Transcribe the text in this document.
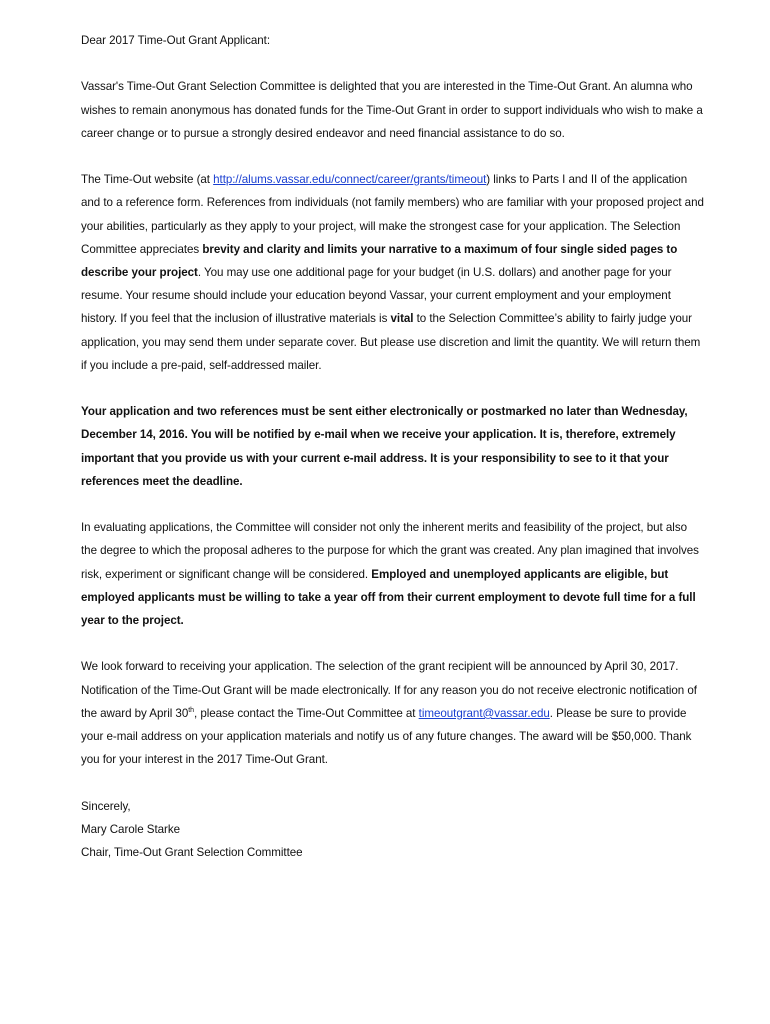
Dear 2017 Time-Out Grant Applicant:

Vassar's Time-Out Grant Selection Committee is delighted that you are interested in the Time-Out Grant. An alumna who wishes to remain anonymous has donated funds for the Time-Out Grant in order to support individuals who wish to make a career change or to pursue a strongly desired endeavor and need financial assistance to do so.

The Time-Out website (at http://alums.vassar.edu/connect/career/grants/timeout) links to Parts I and II of the application and to a reference form. References from individuals (not family members) who are familiar with your proposed project and your abilities, particularly as they apply to your project, will make the strongest case for your application. The Selection Committee appreciates brevity and clarity and limits your narrative to a maximum of four single sided pages to describe your project. You may use one additional page for your budget (in U.S. dollars) and another page for your resume. Your resume should include your education beyond Vassar, your current employment and your employment history. If you feel that the inclusion of illustrative materials is vital to the Selection Committee’s ability to fairly judge your application, you may send them under separate cover. But please use discretion and limit the quantity. We will return them if you include a pre-paid, self-addressed mailer.

Your application and two references must be sent either electronically or postmarked no later than Wednesday, December 14, 2016. You will be notified by e-mail when we receive your application. It is, therefore, extremely important that you provide us with your current e-mail address. It is your responsibility to see to it that your references meet the deadline.

In evaluating applications, the Committee will consider not only the inherent merits and feasibility of the project, but also the degree to which the proposal adheres to the purpose for which the grant was created. Any plan imagined that involves risk, experiment or significant change will be considered. Employed and unemployed applicants are eligible, but employed applicants must be willing to take a year off from their current employment to devote full time for a full year to the project.

We look forward to receiving your application. The selection of the grant recipient will be announced by April 30, 2017. Notification of the Time-Out Grant will be made electronically. If for any reason you do not receive electronic notification of the award by April 30th, please contact the Time-Out Committee at timeoutgrant@vassar.edu. Please be sure to provide your e-mail address on your application materials and notify us of any future changes. The award will be $50,000. Thank you for your interest in the 2017 Time-Out Grant.

Sincerely,

Mary Carole Starke

Chair, Time-Out Grant Selection Committee
